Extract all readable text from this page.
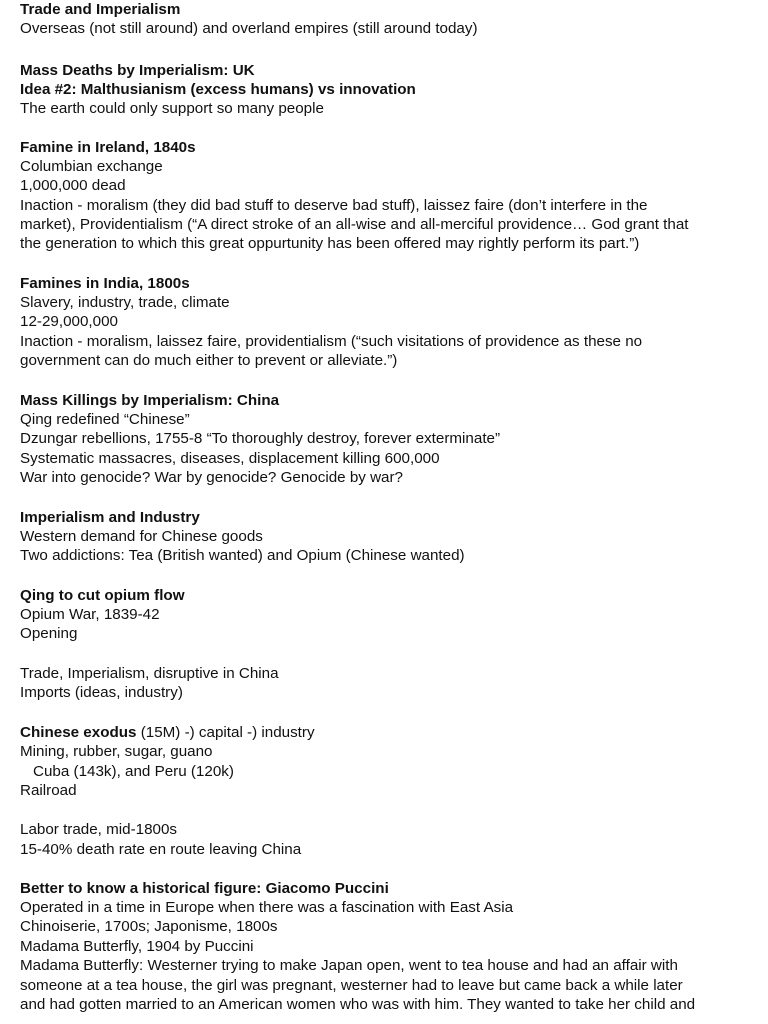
Trade and Imperialism
Overseas (not still around) and overland empires (still around today)
Mass Deaths by Imperialism: UK
Idea #2: Malthusianism (excess humans) vs innovation
The earth could only support so many people
Famine in Ireland, 1840s
Columbian exchange
1,000,000 dead
Inaction - moralism (they did bad stuff to deserve bad stuff), laissez faire (don’t interfere in the
market), Providentialism (“A direct stroke of an all-wise and all-merciful providence… God grant that
the generation to which this great oppurtunity has been offered may rightly perform its part.”)
Famines in India, 1800s
Slavery, industry, trade, climate
12-29,000,000
Inaction - moralism, laissez faire, providentialism (“such visitations of providence as these no
government can do much either to prevent or alleviate.”)
Mass Killings by Imperialism: China
Qing redefined “Chinese”
Dzungar rebellions, 1755-8 “To thoroughly destroy, forever exterminate”
Systematic massacres, diseases, displacement killing 600,000
War into genocide? War by genocide? Genocide by war?
Imperialism and Industry
Western demand for Chinese goods
Two addictions: Tea (British wanted) and Opium (Chinese wanted)
Qing to cut opium flow
Opium War, 1839-42
Opening
Trade, Imperialism, disruptive in China
Imports (ideas, industry)
Chinese exodus (15M) -) capital -) industry
Mining, rubber, sugar, guano
Cuba (143k), and Peru (120k)
Railroad
Labor trade, mid-1800s
15-40% death rate en route leaving China
Better to know a historical figure: Giacomo Puccini
Operated in a time in Europe when there was a fascination with East Asia
Chinoiserie, 1700s; Japonisme, 1800s
Madama Butterfly, 1904 by Puccini
Madama Butterfly: Westerner trying to make Japan open, went to tea house and had an affair with
someone at a tea house, the girl was pregnant, westerner had to leave but came back a while later
and had gotten married to an American women who was with him. They wanted to take her child and
